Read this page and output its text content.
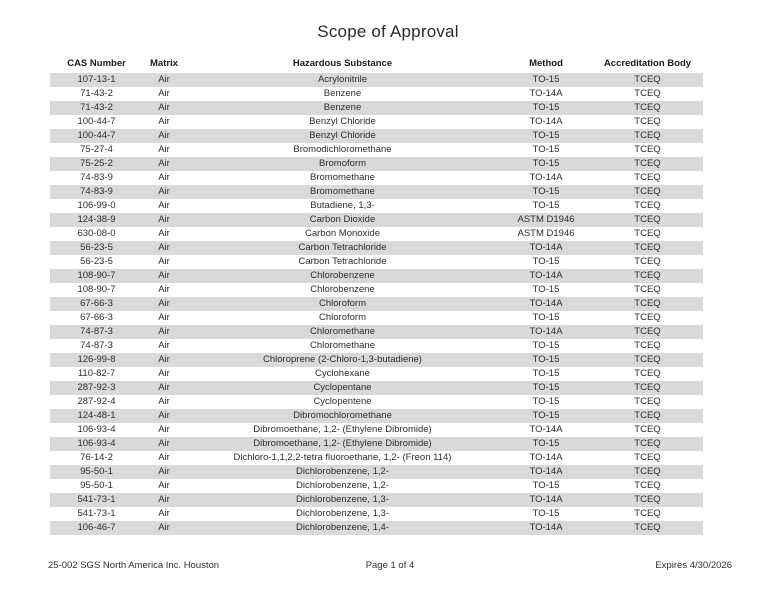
Scope of Approval
CAS Number	Matrix	Hazardous Substance	Method	Accreditation Body
107-13-1	Air	Acrylonitrile	TO-15	TCEQ
71-43-2	Air	Benzene	TO-14A	TCEQ
71-43-2	Air	Benzene	TO-15	TCEQ
100-44-7	Air	Benzyl Chloride	TO-14A	TCEQ
100-44-7	Air	Benzyl Chloride	TO-15	TCEQ
75-27-4	Air	Bromodichloromethane	TO-15	TCEQ
75-25-2	Air	Bromoform	TO-15	TCEQ
74-83-9	Air	Bromomethane	TO-14A	TCEQ
74-83-9	Air	Bromomethane	TO-15	TCEQ
106-99-0	Air	Butadiene, 1,3-	TO-15	TCEQ
124-38-9	Air	Carbon Dioxide	ASTM D1946	TCEQ
630-08-0	Air	Carbon Monoxide	ASTM D1946	TCEQ
56-23-5	Air	Carbon Tetrachloride	TO-14A	TCEQ
56-23-5	Air	Carbon Tetrachloride	TO-15	TCEQ
108-90-7	Air	Chlorobenzene	TO-14A	TCEQ
108-90-7	Air	Chlorobenzene	TO-15	TCEQ
67-66-3	Air	Chloroform	TO-14A	TCEQ
67-66-3	Air	Chloroform	TO-15	TCEQ
74-87-3	Air	Chloromethane	TO-14A	TCEQ
74-87-3	Air	Chloromethane	TO-15	TCEQ
126-99-8	Air	Chloroprene (2-Chloro-1,3-butadiene)	TO-15	TCEQ
110-82-7	Air	Cyclohexane	TO-15	TCEQ
287-92-3	Air	Cyclopentane	TO-15	TCEQ
287-92-4	Air	Cyclopentene	TO-15	TCEQ
124-48-1	Air	Dibromochloromethane	TO-15	TCEQ
106-93-4	Air	Dibromoethane, 1,2- (Ethylene Dibromide)	TO-14A	TCEQ
106-93-4	Air	Dibromoethane, 1,2- (Ethylene Dibromide)	TO-15	TCEQ
76-14-2	Air	Dichloro-1,1,2,2-tetra fluoroethane, 1,2- (Freon 114)	TO-14A	TCEQ
95-50-1	Air	Dichlorobenzene, 1,2-	TO-14A	TCEQ
95-50-1	Air	Dichlorobenzene, 1,2-	TO-15	TCEQ
541-73-1	Air	Dichlorobenzene, 1,3-	TO-14A	TCEQ
541-73-1	Air	Dichlorobenzene, 1,3-	TO-15	TCEQ
106-46-7	Air	Dichlorobenzene, 1,4-	TO-14A	TCEQ
25-002 SGS North America Inc. Houston	Page 1 of 4	Expires 4/30/2026
